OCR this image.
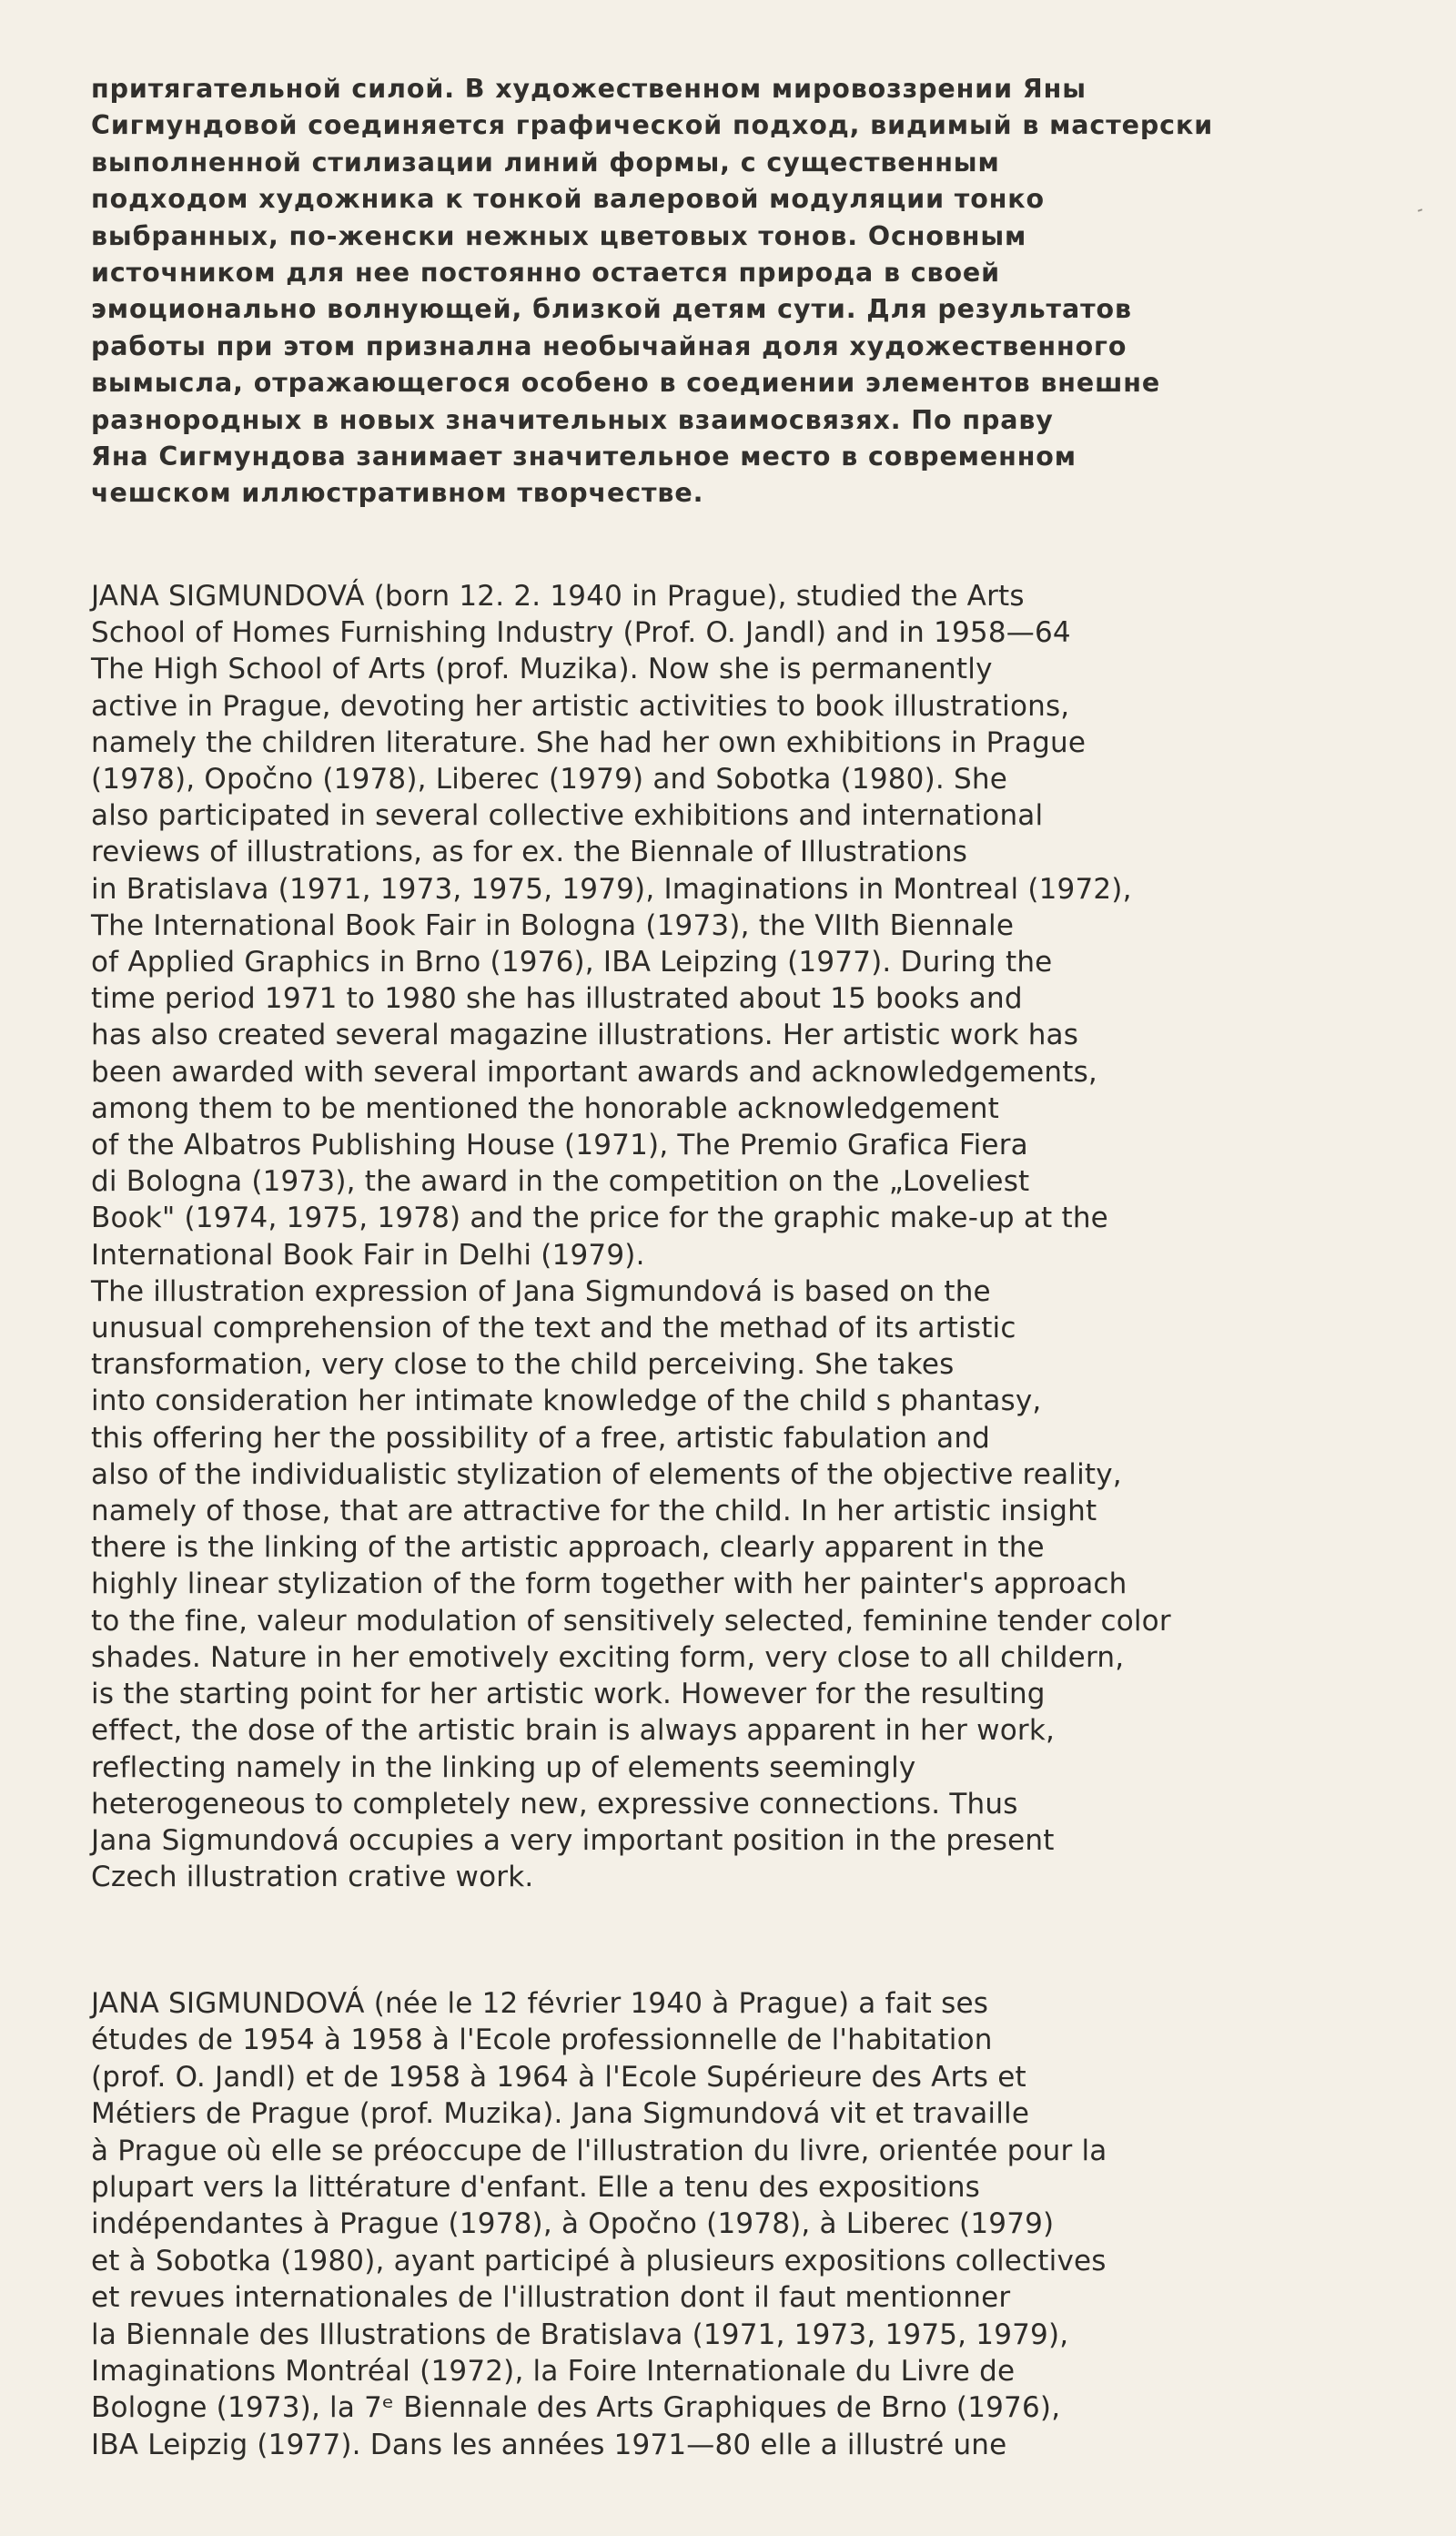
притягательной силой. В художественном мировоззрении Яны
Сигмундовой соединяется графической подход, видимый в мастерски
выполненной стилизации линий формы, с существенным
подходом художника к тонкой валеровой модуляции тонко
выбранных, по-женски нежных цветовых тонов. Основным
источником для нее постоянно остается природа в своей
эмоционально волнующей, близкой детям сути. Для результатов
работы при этом признална необычайная доля художественного
вымысла, отражающегося особено в соедиении элементов внешне
разнородных в новых значительных взаимосвязях. По праву
Яна Сигмундова занимает значительное место в современном
чешском иллюстративном творчестве.
JANA SIGMUNDOVÁ (born 12. 2. 1940 in Prague), studied the Arts
School of Homes Furnishing Industry (Prof. O. Jandl) and in 1958—64
The High School of Arts (prof. Muzika). Now she is permanently
active in Prague, devoting her artistic activities to book illustrations,
namely the children literature. She had her own exhibitions in Prague
(1978), Opočno (1978), Liberec (1979) and Sobotka (1980). She
also participated in several collective exhibitions and international
reviews of illustrations, as for ex. the Biennale of Illustrations
in Bratislava (1971, 1973, 1975, 1979), Imaginations in Montreal (1972),
The International Book Fair in Bologna (1973), the VIIth Biennale
of Applied Graphics in Brno (1976), IBA Leipzing (1977). During the
time period 1971 to 1980 she has illustrated about 15 books and
has also created several magazine illustrations. Her artistic work has
been awarded with several important awards and acknowledgements,
among them to be mentioned the honorable acknowledgement
of the Albatros Publishing House (1971), The Premio Grafica Fiera
di Bologna (1973), the award in the competition on the „Loveliest
Book" (1974, 1975, 1978) and the price for the graphic make-up at the
International Book Fair in Delhi (1979).
The illustration expression of Jana Sigmundová is based on the
unusual comprehension of the text and the methad of its artistic
transformation, very close to the child perceiving. She takes
into consideration her intimate knowledge of the child s phantasy,
this offering her the possibility of a free, artistic fabulation and
also of the individualistic stylization of elements of the objective reality,
namely of those, that are attractive for the child. In her artistic insight
there is the linking of the artistic approach, clearly apparent in the
highly linear stylization of the form together with her painter's approach
to the fine, valeur modulation of sensitively selected, feminine tender color
shades. Nature in her emotively exciting form, very close to all childern,
is the starting point for her artistic work. However for the resulting
effect, the dose of the artistic brain is always apparent in her work,
reflecting namely in the linking up of elements seemingly
heterogeneous to completely new, expressive connections. Thus
Jana Sigmundová occupies a very important position in the present
Czech illustration crative work.
JANA SIGMUNDOVÁ (née le 12 février 1940 à Prague) a fait ses
études de 1954 à 1958 à l'Ecole professionnelle de l'habitation
(prof. O. Jandl) et de 1958 à 1964 à l'Ecole Supérieure des Arts et
Métiers de Prague (prof. Muzika). Jana Sigmundová vit et travaille
à Prague où elle se préoccupe de l'illustration du livre, orientée pour la
plupart vers la littérature d'enfant. Elle a tenu des expositions
indépendantes à Prague (1978), à Opočno (1978), à Liberec (1979)
et à Sobotka (1980), ayant participé à plusieurs expositions collectives
et revues internationales de l'illustration dont il faut mentionner
la Biennale des Illustrations de Bratislava (1971, 1973, 1975, 1979),
Imaginations Montréal (1972), la Foire Internationale du Livre de
Bologne (1973), la 7ᵉ Biennale des Arts Graphiques de Brno (1976),
IBA Leipzig (1977). Dans les années 1971—80 elle a illustré une
